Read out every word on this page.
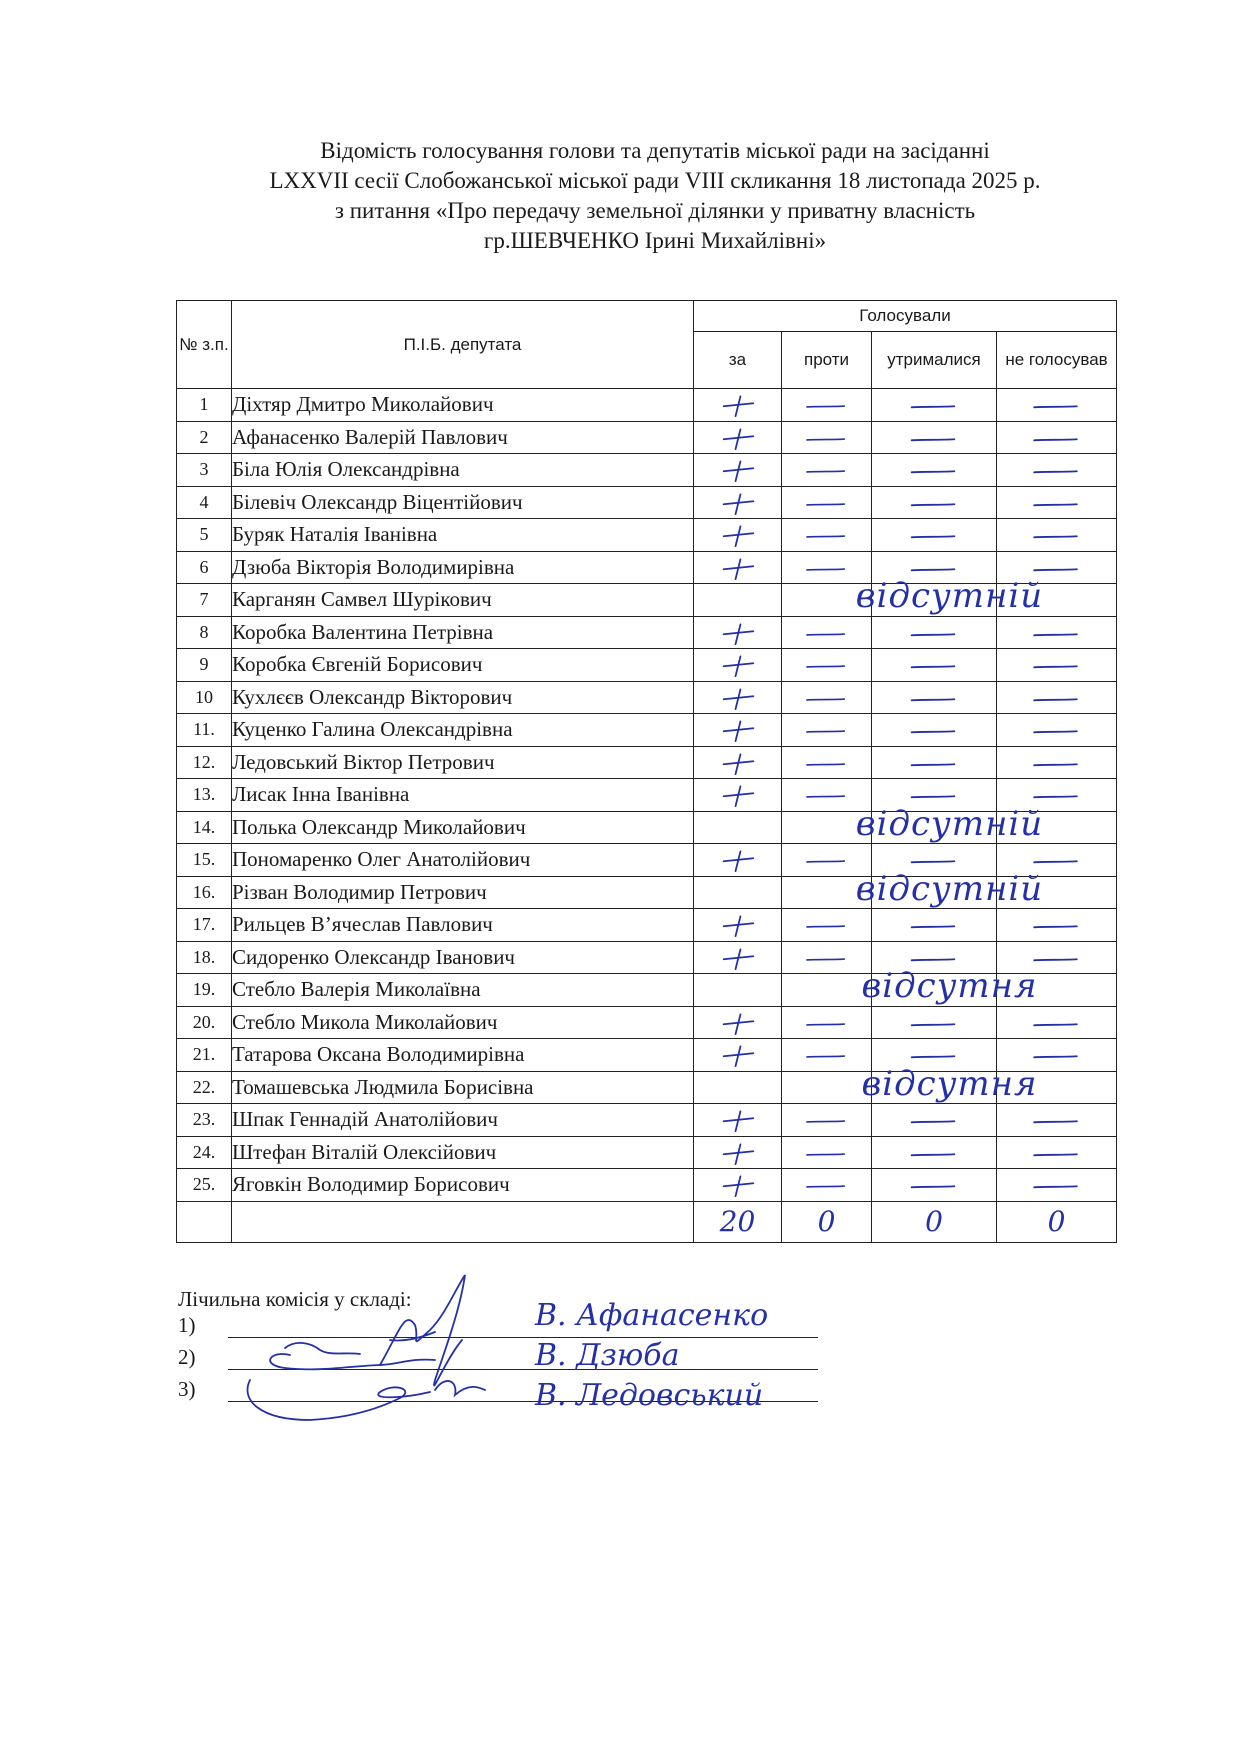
Відомість голосування голови та депутатів міської ради на засіданні
LXXVII сесії Слобожанської міської ради VIII скликання 18 листопада 2025 р.
з питання «Про передачу земельної ділянки у приватну власність
гр.ШЕВЧЕНКО Ірині Михайлівні»
№ з.п.	П.І.Б. депутата	Голосували			
		за	проти	утрималися	не голосував
1	Діхтяр Дмитро Миколайович	

2	Афанасенко Валерій Павлович	

3	Біла Юлія Олександрівна	

4	Білевіч Олександр Віцентійович	

5	Буряк Наталія Іванівна	

6	Дзюба Вікторія Володимирівна	

7	Карганян Самвел Шурікович		відсутній		

8	Коробка Валентина Петрівна	

9	Коробка Євгеній Борисович	

10	Кухлєєв Олександр Вікторович	

11.	Куценко Галина Олександрівна	

12.	Ледовський Віктор Петрович	

13.	Лисак Інна Іванівна	

14.	Полька Олександр Миколайович		відсутній		

15.	Пономаренко Олег Анатолійович	

16.	Різван Володимир Петрович		відсутній		

17.	Рильцев В’ячеслав Павлович	

18.	Сидоренко Олександр Іванович	

19.	Стебло Валерія Миколаївна		відсутня		

20.	Стебло Микола Миколайович	

21.	Татарова Оксана Володимирівна	

22.	Томашевська Людмила Борисівна		відсутня		

23.	Шпак Геннадій Анатолійович	

24.	Штефан Віталій Олексійович	

25.	Яговкін Володимир Борисович	

		20	0	0	0
Лічильна комісія у складі:
1)
2)
3)
В. Афанасенко
В. Дзюба
В. Ледовський
